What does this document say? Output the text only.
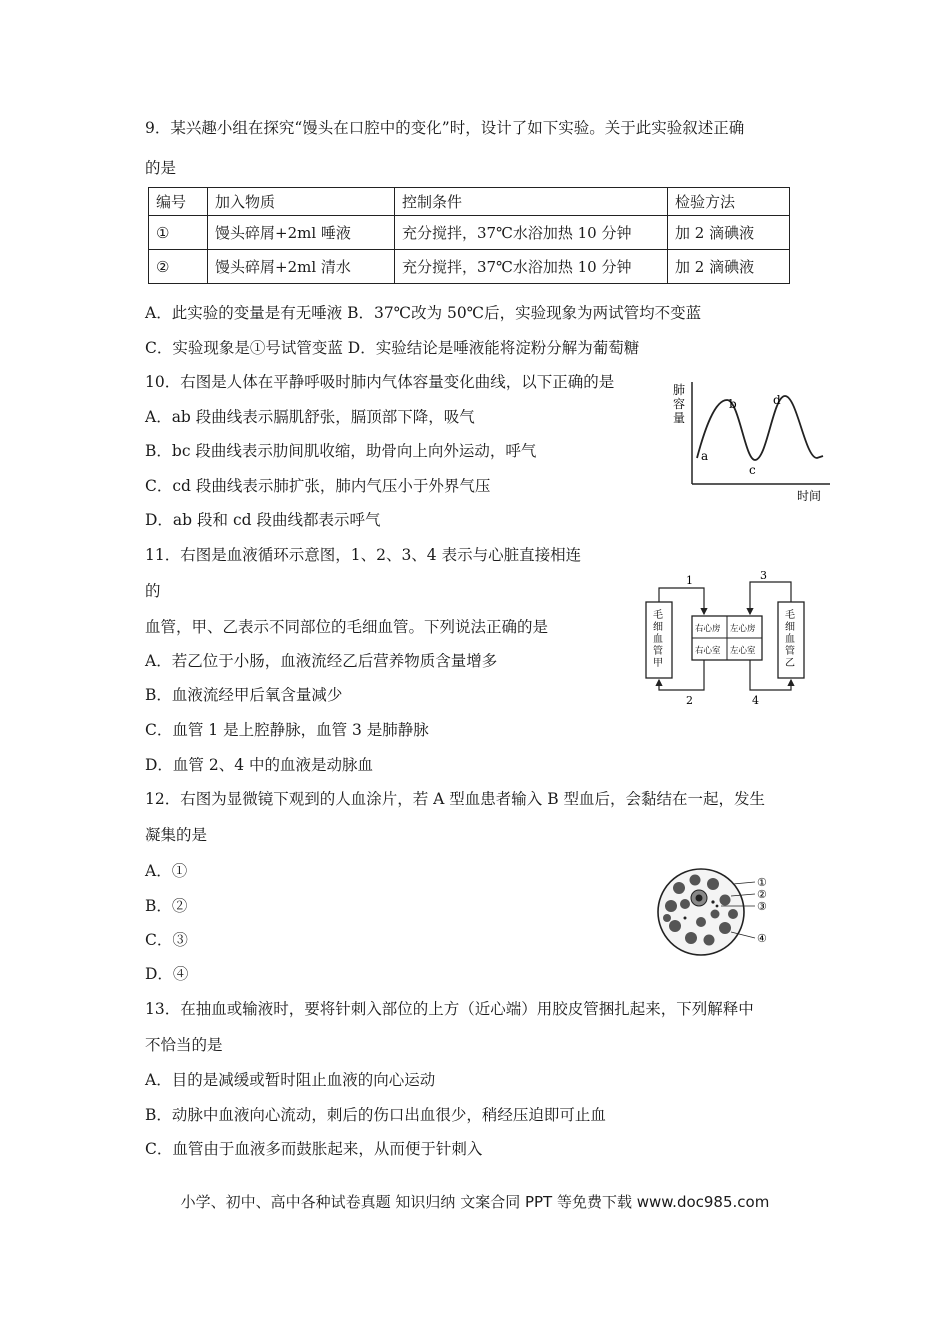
9．某兴趣小组在探究“馒头在口腔中的变化”时，设计了如下实验。关于此实验叙述正确
的是
编号	加入物质	控制条件	检验方法
①	馒头碎屑+2ml 唾液	充分搅拌，37℃水浴加热 10 分钟	加 2 滴碘液
②	馒头碎屑+2ml 清水	充分搅拌，37℃水浴加热 10 分钟	加 2 滴碘液
A．此实验的变量是有无唾液 B．37℃改为 50℃后，实验现象为两试管均不变蓝
C．实验现象是①号试管变蓝 D．实验结论是唾液能将淀粉分解为葡萄糖
10．右图是人体在平静呼吸时肺内气体容量变化曲线，以下正确的是
A．ab 段曲线表示膈肌舒张，膈顶部下降，吸气
B．bc 段曲线表示肋间肌收缩，助骨向上向外运动，呼气
C．cd 段曲线表示肺扩张，肺内气压小于外界气压
D．ab 段和 cd 段曲线都表示呼气
肺
容
量
a
b
c
d
时间
11．右图是血液循环示意图，1、2、3、4 表示与心脏直接相连
的
血管，甲、乙表示不同部位的毛细血管。下列说法正确的是
A．若乙位于小肠，血液流经乙后营养物质含量增多
B．血液流经甲后氧含量减少
C．血管 1 是上腔静脉，血管 3 是肺静脉
D．血管 2、4 中的血液是动脉血
毛
细
血
管
甲
毛
细
血
管
乙
右心房 左心房
右心室 左心室
1
2
3
4
12．右图为显微镜下观到的人血涂片，若 A 型血患者输入 B 型血后，会黏结在一起，发生
凝集的是
A．①
B．②
C．③
D．④
①
②
③
④
13．在抽血或输液时，要将针刺入部位的上方（近心端）用胶皮管捆扎起来，下列解释中
不恰当的是
A．目的是减缓或暂时阻止血液的向心运动
B．动脉中血液向心流动，刺后的伤口出血很少，稍经压迫即可止血
C．血管由于血液多而鼓胀起来，从而便于针刺入
小学、初中、高中各种试卷真题 知识归纳 文案合同 PPT 等免费下载 www.doc985.com
